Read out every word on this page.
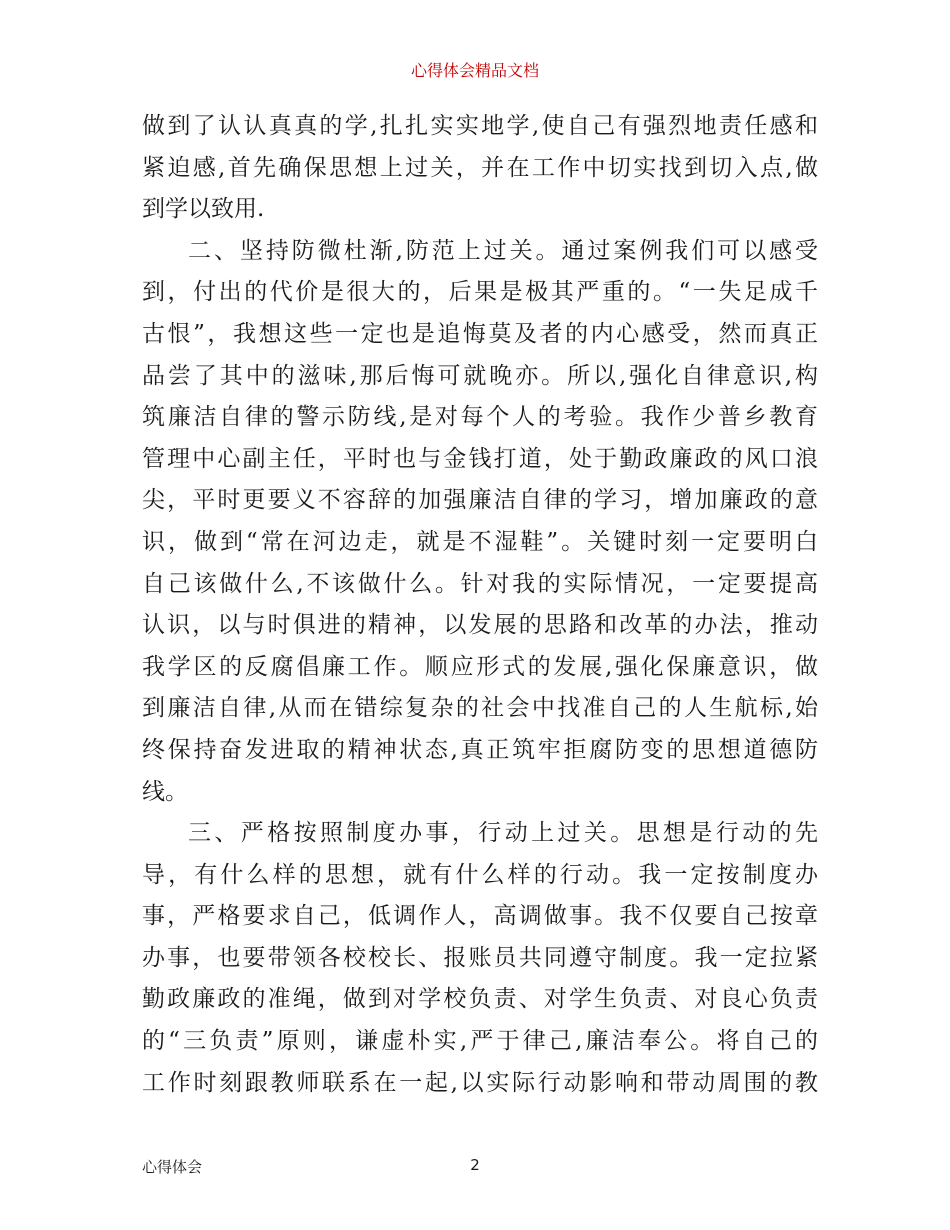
心得体会精品文档
做到了认认真真的学,扎扎实实地学,使自己有强烈地责任感和
紧迫感,首先确保思想上过关，并在工作中切实找到切入点,做
到学以致用.
二、坚持防微杜渐,防范上过关。通过案例我们可以感受
到，付出的代价是很大的，后果是极其严重的。“一失足成千
古恨”，我想这些一定也是追悔莫及者的内心感受，然而真正
品尝了其中的滋味,那后悔可就晚亦。所以,强化自律意识,构
筑廉洁自律的警示防线,是对每个人的考验。我作少普乡教育
管理中心副主任，平时也与金钱打道，处于勤政廉政的风口浪
尖，平时更要义不容辞的加强廉洁自律的学习，增加廉政的意
识，做到“常在河边走，就是不湿鞋”。关键时刻一定要明白
自己该做什么,不该做什么。针对我的实际情况，一定要提高
认识，以与时俱进的精神，以发展的思路和改革的办法，推动
我学区的反腐倡廉工作。顺应形式的发展,强化保廉意识，做
到廉洁自律,从而在错综复杂的社会中找准自己的人生航标,始
终保持奋发进取的精神状态,真正筑牢拒腐防变的思想道德防
线。
三、严格按照制度办事，行动上过关。思想是行动的先
导，有什么样的思想，就有什么样的行动。我一定按制度办
事，严格要求自己，低调作人，高调做事。我不仅要自己按章
办事，也要带领各校校长、报账员共同遵守制度。我一定拉紧
勤政廉政的准绳，做到对学校负责、对学生负责、对良心负责
的“三负责”原则，谦虚朴实,严于律己,廉洁奉公。将自己的
工作时刻跟教师联系在一起,以实际行动影响和带动周围的教
心得体会	2
